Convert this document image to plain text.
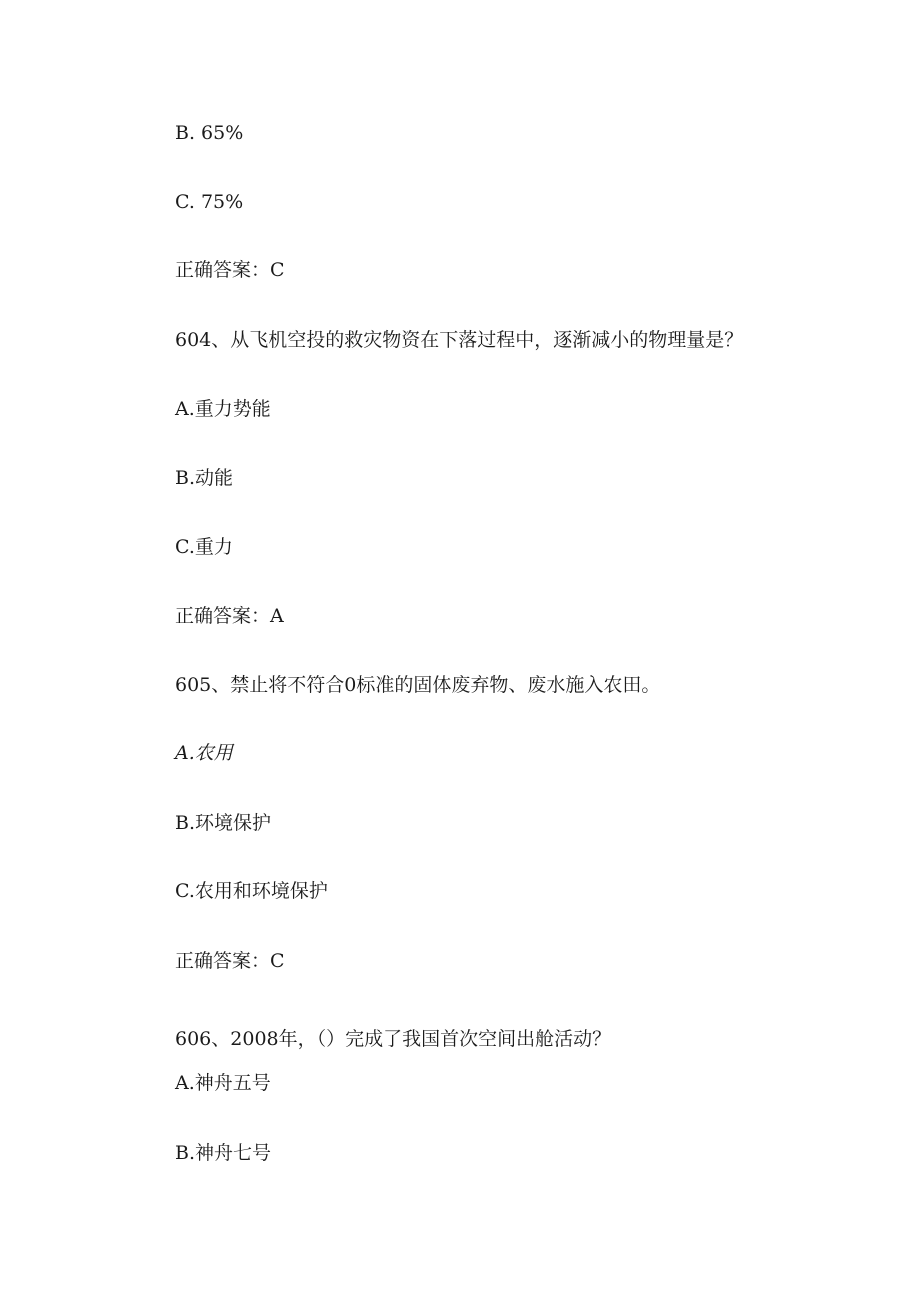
B. 65%
C. 75%
正确答案：C
604、从飞机空投的救灾物资在下落过程中，逐渐减小的物理量是？
A.重力势能
B.动能
C.重力
正确答案：A
605、禁止将不符合0标准的固体废弃物、废水施入农田。
A.农用
B.环境保护
C.农用和环境保护
正确答案：C
606、2008年，（）完成了我国首次空间出舱活动？
A.神舟五号
B.神舟七号
